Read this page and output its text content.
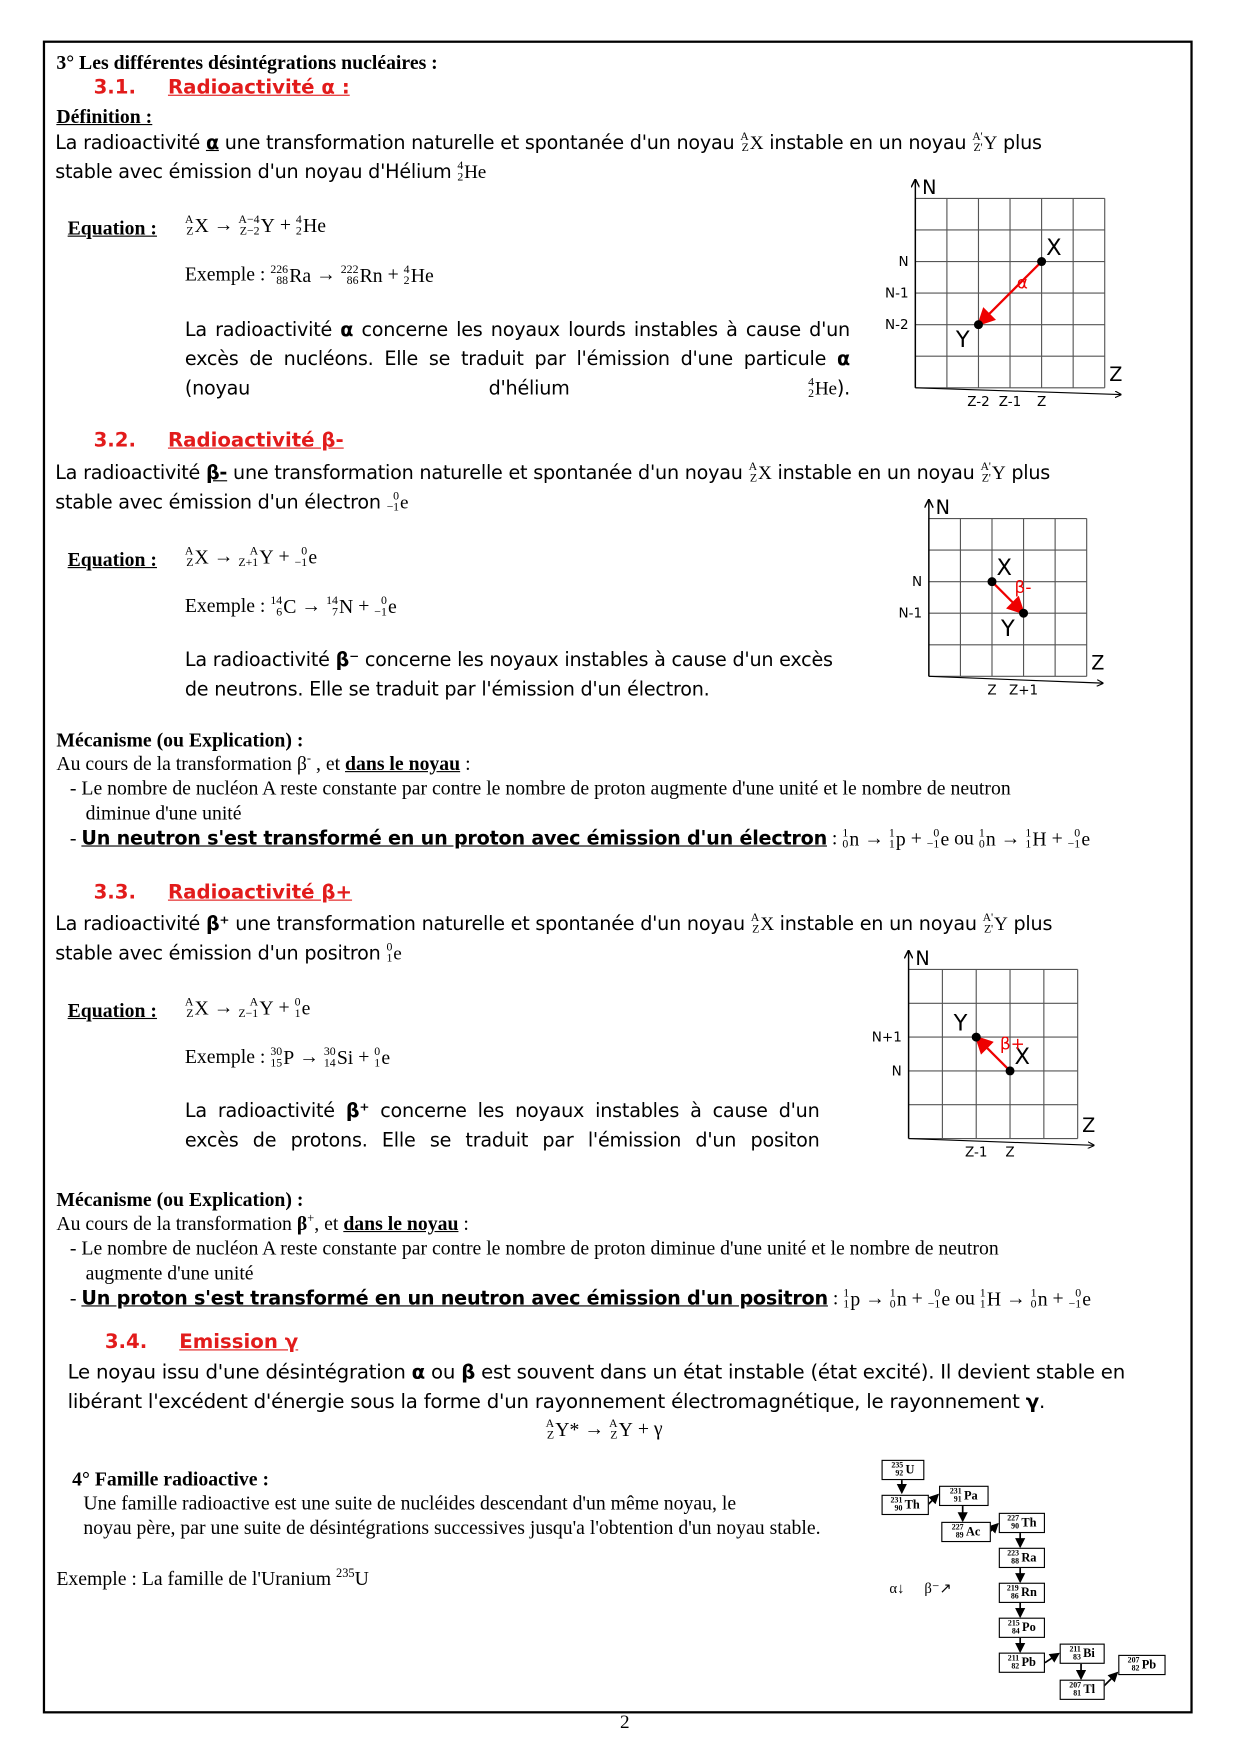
3° Les différentes désintégrations nucléaires :
3.1. Radioactivité α :
Définition :
La radioactivité α une transformation naturelle et spontanée d'un noyau A
Z X instable en un noyau A'
Z' Y plus
stable avec émission d'un noyau d'Hélium 4
2 He
Equation :	A
Z X → A−4
Z−2 Y + 4
2 He
Exemple : 226
88 Ra → 222
86 Rn + 4
2 He
La radioactivité α concerne les noyaux lourds instables à cause d'un
excès de nucléons. Elle se traduit par l'émission d'une particule α
(noyau d'hélium 4
2 He ).
N
Z
N
N-1
N-2
Z-2 Z-1 Z
X
Y
α
3.2. Radioactivité β-
La radioactivité β- une transformation naturelle et spontanée d'un noyau A
Z X instable en un noyau A'
Z' Y plus
stable avec émission d'un électron 0
−1 e
Equation :	A
Z X → A
Z+1 Y + 0
−1 e
Exemple : 14
6 C → 14
7 N + 0
−1 e
La radioactivité β⁻ concerne les noyaux instables à cause d'un excès
de neutrons. Elle se traduit par l'émission d'un électron.
N
Z
N
N-1
Z Z+1
X
Y
β-
Mécanisme (ou Explication) :
Au cours de la transformation β- , et dans le noyau :
- Le nombre de nucléon A reste constante par contre le nombre de proton augmente d'une unité et le nombre de neutron
diminue d'une unité
- Un neutron s'est transformé en un proton avec émission d'un électron : 1
0 n → 1
1 p + 0
−1 e ou 1
0 n → 1
1 H + 0
−1 e
3.3. Radioactivité β+
La radioactivité β⁺ une transformation naturelle et spontanée d'un noyau A
Z X instable en un noyau A'
Z' Y plus
stable avec émission d'un positron 0
1 e
Equation :	A
Z X → A
Z−1 Y + 0
1 e
Exemple : 30
15 P → 30
14 Si + 0
1 e
La radioactivité β⁺ concerne les noyaux instables à cause d'un
excès de protons. Elle se traduit par l'émission d'un positon
N
Z
N+1
N
Z-1 Z
X
Y
β+
Mécanisme (ou Explication) :
Au cours de la transformation β+, et dans le noyau :
- Le nombre de nucléon A reste constante par contre le nombre de proton diminue d'une unité et le nombre de neutron
augmente d'une unité
- Un proton s'est transformé en un neutron avec émission d'un positron : 1
1 p → 1
0 n + 0
−1 e ou 1
1 H → 1
0 n + 0
−1 e
3.4. Emission γ
Le noyau issu d'une désintégration α ou β est souvent dans un état instable (état excité). Il devient stable en
libérant l'excédent d'énergie sous la forme d'un rayonnement électromagnétique, le rayonnement γ.
A
Z Y* → A
Z Y + γ
4° Famille radioactive :
Une famille radioactive est une suite de nucléides descendant d'un même noyau, le
noyau père, par une suite de désintégrations successives jusqu'a l'obtention d'un noyau stable.
Exemple : La famille de l'Uranium $^{235}$U	α↓ β⁻↗
235
92 U
231
90 Th
231
91 Pa
227
89 Ac
227
90 Th
223
88 Ra
219
86 Rn
215
84 Po
211
82 Pb
211
83 Bi
207
81 Tl
207
82 Pb
2
